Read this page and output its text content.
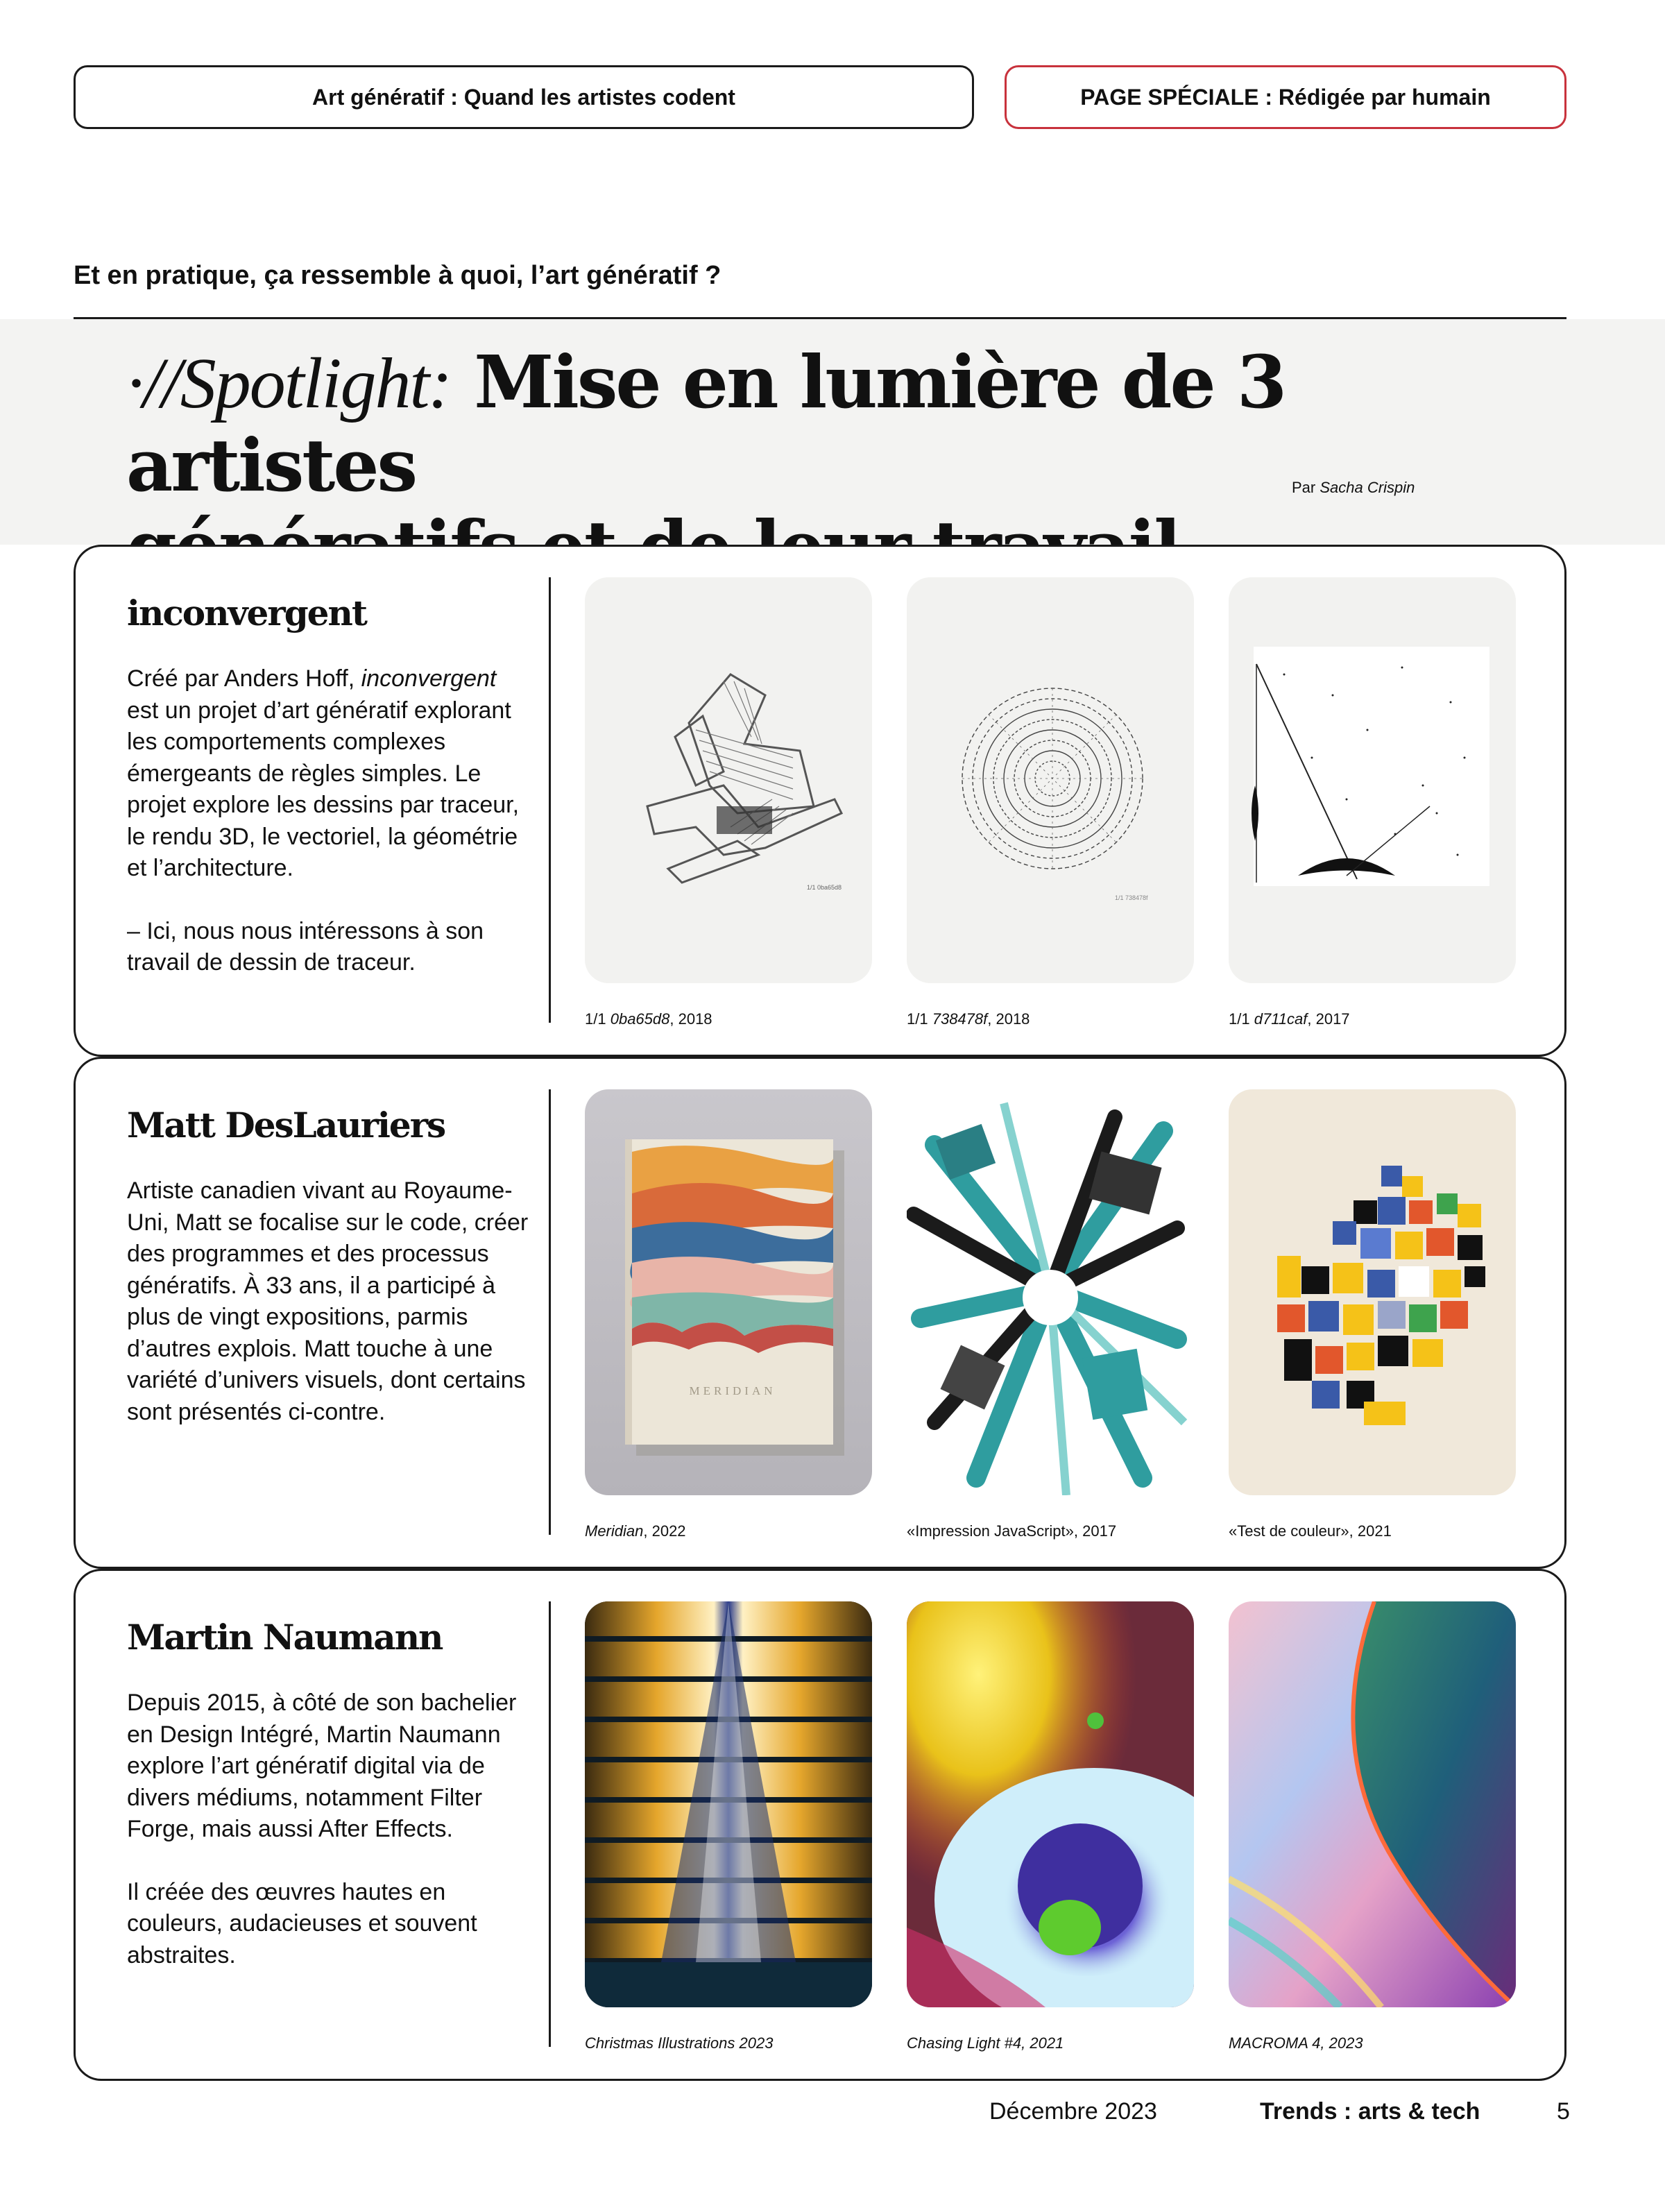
Art génératif : Quand les artistes codent	PAGE SPÉCIALE : Rédigée par humain
Et en pratique, ça ressemble à quoi, l’art génératif ?
·//Spotlight: Mise en lumière de 3 artistes	Par Sacha Crispin
inconvergent

Créé par Anders Hoff, inconvergent est un projet d’art génératif explorant les comportements complexes émergeants de règles simples. Le projet explore les dessins par traceur, le rendu 3D, le vectoriel, la géométrie et l’architecture.

– Ici, nous nous intéressons à son travail de dessin de traceur.

1/1 0ba65d8
1/1 738478f
1/1 0ba65d8, 2018	1/1 738478f, 2018	1/1 d711caf, 2017
Matt DesLauriers

Artiste canadien vivant au Royaume-Uni, Matt se focalise sur le code, créer des programmes et des processus génératifs. À 33 ans, il a participé à plus de vingt expositions, parmis d’autres explois. Matt touche à une variété d’univers visuels, dont certains sont présentés ci-contre.

MERIDIAN
Meridian, 2022	«Impression JavaScript», 2017	«Test de couleur», 2021
Martin Naumann

Depuis 2015, à côté de son bachelier en Design Intégré, Martin Naumann explore l’art génératif digital via de divers médiums, notamment Filter Forge, mais aussi After Effects.

Il créée des œuvres hautes en couleurs, audacieuses et souvent abstraites.

Christmas Illustrations 2023	Chasing Light #4, 2021	MACROMA 4, 2023
Décembre 2023	Trends : arts & tech	5
